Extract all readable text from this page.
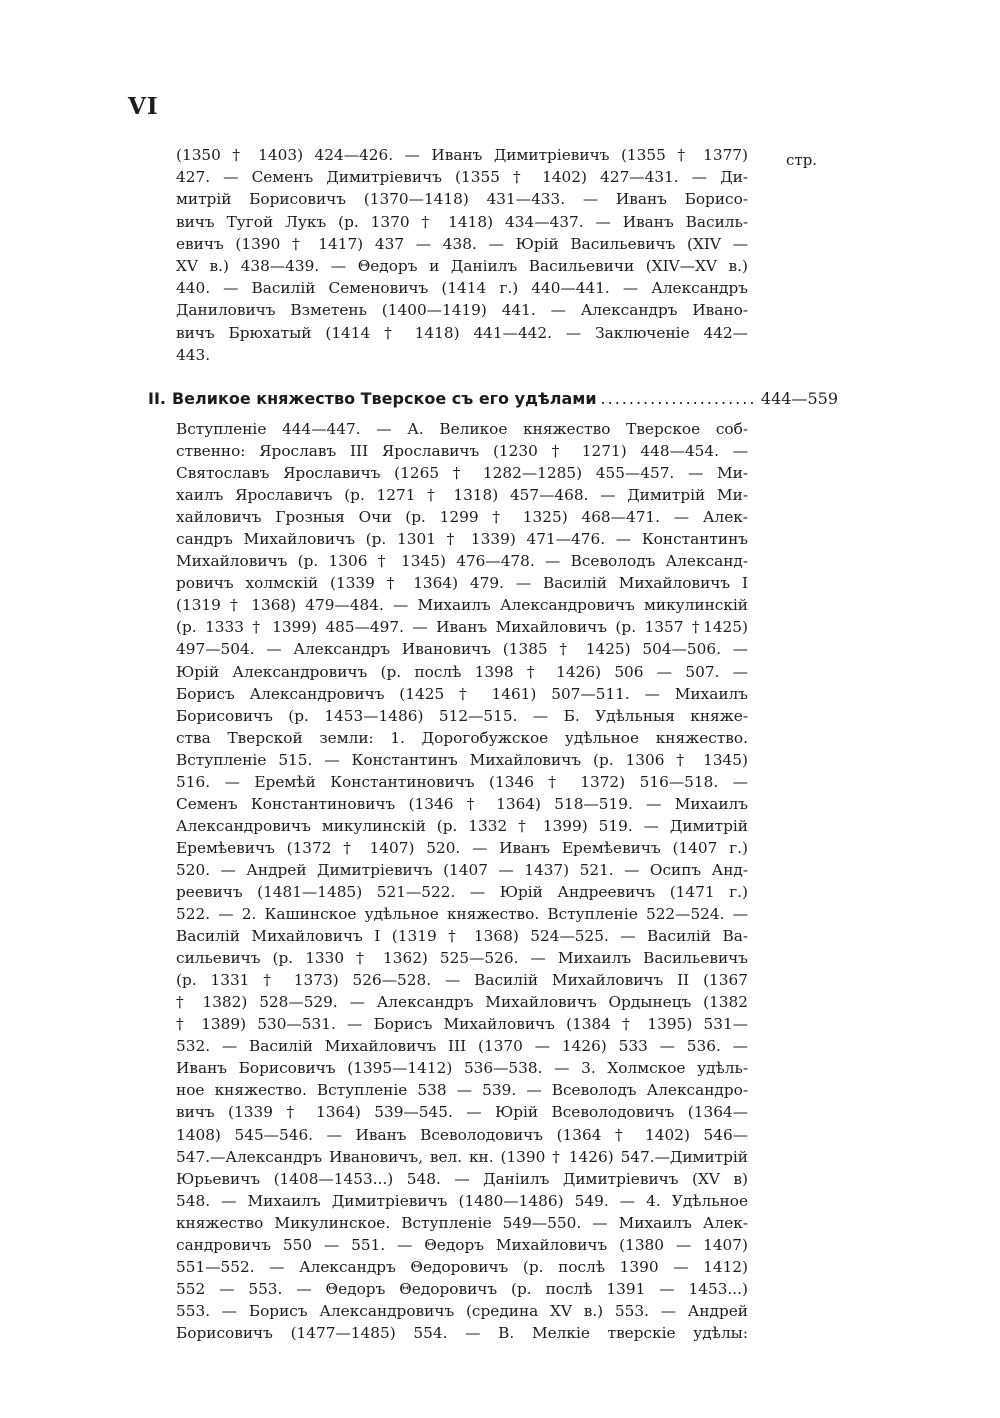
VI
стр.
(1350 † 1403) 424—426. — Иванъ Димитріевичъ (1355 † 1377)
427. — Семенъ Димитріевичъ (1355 † 1402) 427—431. — Ди-
митрій Борисовичъ (1370—1418) 431—433. — Иванъ Борисо-
вичъ Тугой Лукъ (р. 1370 † 1418) 434—437. — Иванъ Василь-
евичъ (1390 † 1417) 437 — 438. — Юрій Васильевичъ (XIV —
XV в.) 438—439. — Θедоръ и Даніилъ Васильевичи (XIV—XV в.)
440. — Василій Семеновичъ (1414 г.) 440—441. — Александръ
Даниловичъ Взметень (1400—1419) 441. — Александръ Ивано-
вичъ Брюхатый (1414 † 1418) 441—442. — Заключеніе 442—
443.
II. Великое княжество Тверское съ его удѣлами
.....	444—559
Вступленіе 444—447. — А. Великое княжество Тверское соб-
ственно: Ярославъ III Ярославичъ (1230 † 1271) 448—454. —
Святославъ Ярославичъ (1265 † 1282—1285) 455—457. — Ми-
хаилъ Ярославичъ (р. 1271 † 1318) 457—468. — Димитрій Ми-
хайловичъ Грозныя Очи (р. 1299 † 1325) 468—471. — Алек-
сандръ Михайловичъ (р. 1301 † 1339) 471—476. — Константинъ
Михайловичъ (р. 1306 † 1345) 476—478. — Всеволодъ Александ-
ровичъ холмскій (1339 † 1364) 479. — Василій Михайловичъ I
(1319 † 1368) 479—484. — Михаилъ Александровичъ микулинскій
(р. 1333 † 1399) 485—497. — Иванъ Михайловичъ (р. 1357 †1425)
497—504. — Александръ Ивановичъ (1385 † 1425) 504—506. —
Юрій Александровичъ (р. послѣ 1398 † 1426) 506 — 507. —
Борисъ Александровичъ (1425 † 1461) 507—511. — Михаилъ
Борисовичъ (р. 1453—1486) 512—515. — Б. Удѣльныя княже-
ства Тверской земли: 1. Дорогобужское удѣльное княжество.
Вступленіе 515. — Константинъ Михайловичъ (р. 1306 † 1345)
516. — Еремѣй Константиновичъ (1346 † 1372) 516—518. —
Семенъ Константиновичъ (1346 † 1364) 518—519. — Михаилъ
Александровичъ микулинскій (р. 1332 † 1399) 519. — Димитрій
Еремѣевичъ (1372 † 1407) 520. — Иванъ Еремѣевичъ (1407 г.)
520. — Андрей Димитріевичъ (1407 — 1437) 521. — Осипъ Анд-
реевичъ (1481—1485) 521—522. — Юрій Андреевичъ (1471 г.)
522. — 2. Кашинское удѣльное княжество. Вступленіе 522—524. —
Василій Михайловичъ I (1319 † 1368) 524—525. — Василій Ва-
сильевичъ (р. 1330 † 1362) 525—526. — Михаилъ Васильевичъ
(р. 1331 † 1373) 526—528. — Василій Михайловичъ II (1367
† 1382) 528—529. — Александръ Михайловичъ Ордынецъ (1382
† 1389) 530—531. — Борисъ Михайловичъ (1384 † 1395) 531—
532. — Василій Михайловичъ III (1370 — 1426) 533 — 536. —
Иванъ Борисовичъ (1395—1412) 536—538. — 3. Холмское удѣль-
ное княжество. Вступленіе 538 — 539. — Всеволодъ Александро-
вичъ (1339 † 1364) 539—545. — Юрій Всеволодовичъ (1364—
1408) 545—546. — Иванъ Всеволодовичъ (1364 † 1402) 546—
547.—Александръ Ивановичъ, вел. кн. (1390 † 1426) 547.—Димитрій
Юрьевичъ (1408—1453...) 548. — Даніилъ Димитріевичъ (XV в)
548. — Михаилъ Димитріевичъ (1480—1486) 549. — 4. Удѣльное
княжество Микулинское. Вступленіе 549—550. — Михаилъ Алек-
сандровичъ 550 — 551. — Θедоръ Михайловичъ (1380 — 1407)
551—552. — Александръ Θедоровичъ (р. послѣ 1390 — 1412)
552 — 553. — Θедоръ Θедоровичъ (р. послѣ 1391 — 1453...)
553. — Борисъ Александровичъ (средина XV в.) 553. — Андрей
Борисовичъ (1477—1485) 554. — В. Мелкіе тверскіе удѣлы:
